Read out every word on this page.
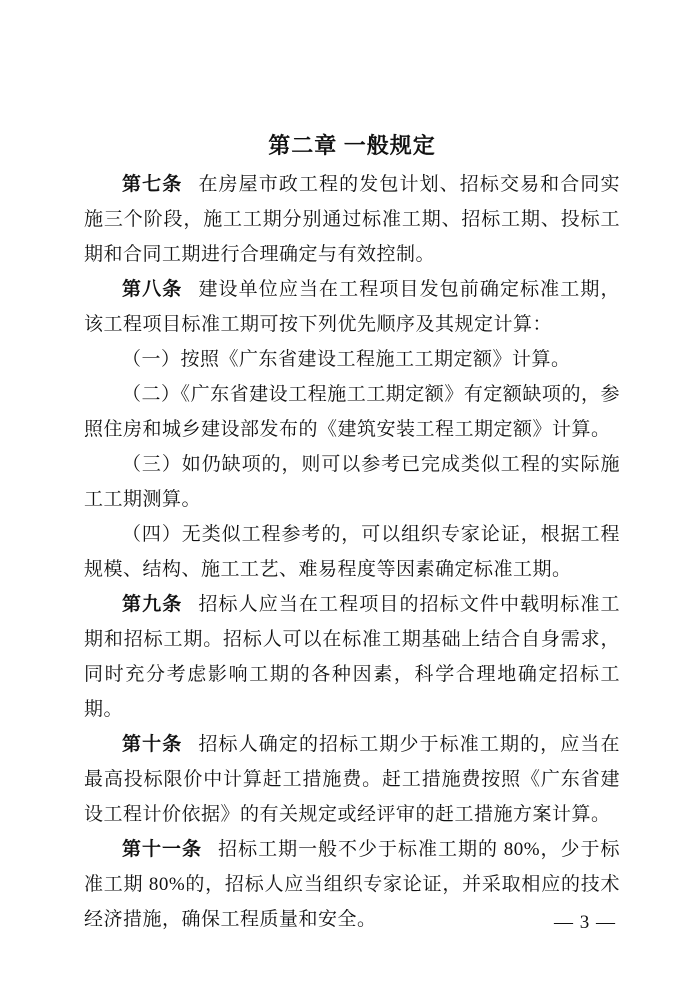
第二章 一般规定

第七条 在房屋市政工程的发包计划、招标交易和合同实施三个阶段，施工工期分别通过标准工期、招标工期、投标工期和合同工期进行合理确定与有效控制。

第八条 建设单位应当在工程项目发包前确定标准工期，该工程项目标准工期可按下列优先顺序及其规定计算：

（一）按照《广东省建设工程施工工期定额》计算。

（二）《广东省建设工程施工工期定额》有定额缺项的，参照住房和城乡建设部发布的《建筑安装工程工期定额》计算。

（三）如仍缺项的，则可以参考已完成类似工程的实际施工工期测算。

（四）无类似工程参考的，可以组织专家论证，根据工程规模、结构、施工工艺、难易程度等因素确定标准工期。

第九条 招标人应当在工程项目的招标文件中载明标准工期和招标工期。招标人可以在标准工期基础上结合自身需求，同时充分考虑影响工期的各种因素，科学合理地确定招标工期。

第十条 招标人确定的招标工期少于标准工期的，应当在最高投标限价中计算赶工措施费。赶工措施费按照《广东省建设工程计价依据》的有关规定或经评审的赶工措施方案计算。

第十一条 招标工期一般不少于标准工期的 80%，少于标准工期 80%的，招标人应当组织专家论证，并采取相应的技术经济措施，确保工程质量和安全。	— 3 —
